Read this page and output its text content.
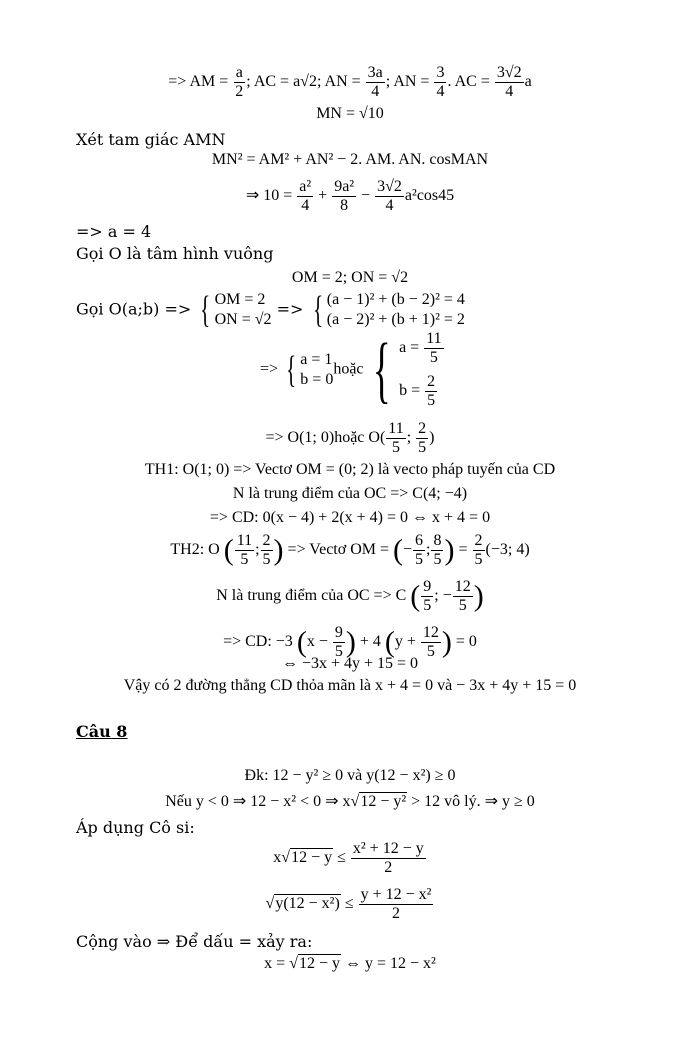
=> AM = $\frac{a}{2}$ ; AC = a√2; AN = $\frac{3a}{4}$ ; AN = $\frac{3}{4}$ . AC = $\frac{3√2}{4}$ a
MN = √10
Xét tam giác AMN
MN² = AM² + AN² − 2. AM. AN. cosMAN
⇒ $10 = \frac{\text{a²}}{4} + \frac{\text{9a²}}{8} - \frac{3√2}{4} a^2\cos 45$
=> a = 4
Gọi O là tâm hình vuông
OM = 2; ON = √2
Gọi O(a;b) => { OM = 2
ON = √2
=> { (a − 1)² + (b − 2)² = 4
(a − 2)² + (b + 1)² = 2
=> { a = 1
b = 0
hoặc { $a = \frac{11}{5}$
$b = \frac{2}{5}$
=> O(1; 0)hoặc $O( \frac{11}{5}$ ; $\frac{2}{5}$ )
TH1: O(1; 0) => Vectơ OM = (0; 2) là vecto pháp tuyến của CD
N là trung điểm của OC => C(4; −4)
=> CD: 0(x − 4) + 2(x + 4) = 0 ⇔ x + 4 = 0
TH2: O ( $\frac{11}{5}$ ; $\frac{2}{5}$ ) => Vectơ OM = (− $\frac{6}{5}$ ; $\frac{8}{5}$ ) = $\frac{2}{5} (-3$; 4)
N là trung điểm của OC => C ( $\frac{9}{5}$ ; − $\frac{12}{5}$ )
=> CD: −3 ($x - \frac{9}{5}$ ) + 4 ($y + \frac{12}{5}$ ) = 0
⇔ −3x + 4y + 15 = 0
Vậy có 2 đường thẳng CD thỏa mãn là x + 4 = 0 và − 3x + 4y + 15 = 0
Câu 8
Đk: 12 − y² ≥ 0 và y(12 − x²) ≥ 0
Nếu y < 0 ⇒ 12 − x² < 0 ⇒ x√12 − y² > 12 vô lý. ⇒ y ≥ 0
Áp dụng Cô si:
$x√12 - y \le \frac{\text{x² + 12 − y}}{2}$
$√y(12 - x^2) \le \frac{\text{y + 12 − x²}}{2}$
Cộng vào ⇒ Để dấu = xảy ra:
x = √12 − y ⇔ y = 12 − x²
